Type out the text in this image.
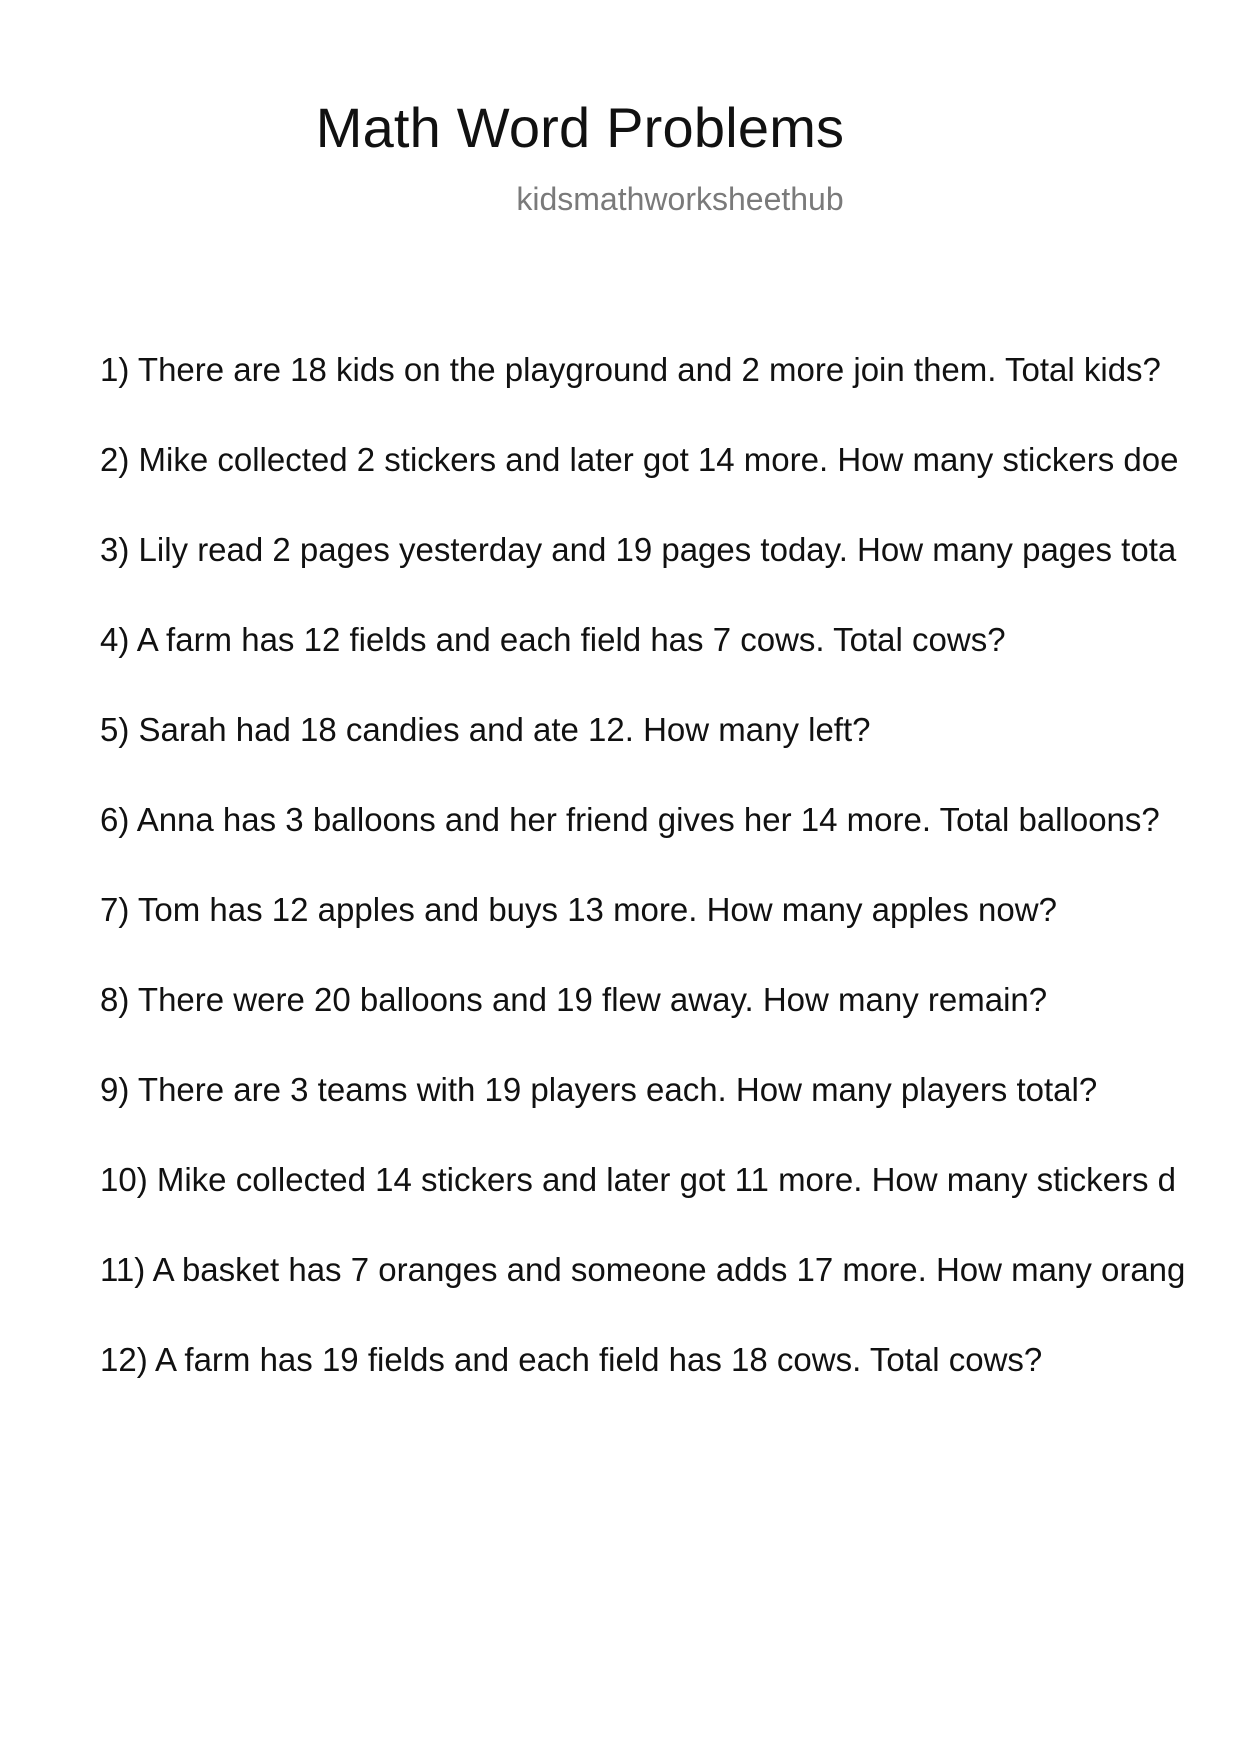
Math Word Problems
kidsmathworksheethub
1) There are 18 kids on the playground and 2 more join them. Total kids?
2) Mike collected 2 stickers and later got 14 more. How many stickers doe
3) Lily read 2 pages yesterday and 19 pages today. How many pages tota
4) A farm has 12 fields and each field has 7 cows. Total cows?
5) Sarah had 18 candies and ate 12. How many left?
6) Anna has 3 balloons and her friend gives her 14 more. Total balloons?
7) Tom has 12 apples and buys 13 more. How many apples now?
8) There were 20 balloons and 19 flew away. How many remain?
9) There are 3 teams with 19 players each. How many players total?
10) Mike collected 14 stickers and later got 11 more. How many stickers d
11) A basket has 7 oranges and someone adds 17 more. How many orang
12) A farm has 19 fields and each field has 18 cows. Total cows?
